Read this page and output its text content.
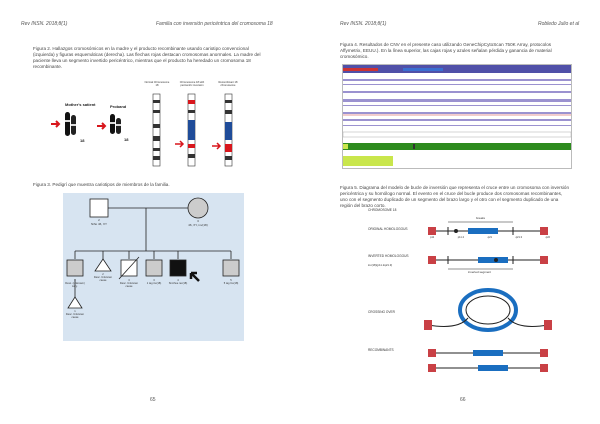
Rev INSN. 2018;8(1)	Familia con inversión pericéntrica del cromosoma 18
Figura 2. Hallazgos cromosómicos en la madre y el producto recombinante usando cariotipo convencional (izquierda) y figuras esquemáticas (derecha). Las flechas rojas destacan cromosomas anormales. La madre del paciente lleva un segmento invertido pericéntrico, mientras que el producto ha heredado un cromosoma 18 recombinante.
Mother's satient	Proband
18	18
Normal Chromosome 18
Chromosome 18 with pericentric inversion
Recombinant 18 chromosome
Figura 3. Pedigrí que muestra cariotipos de miembros de la familia.
2
Niño 46, XY
3
46, XY, inv(18)
1
Desc. (unknown) kary.
2
Desc. Unknown cause	3
Desc. Unknown cause
3
1 tag inv(18)
4
Sim/hue rec(18)
5
5 tag Inv(18)
1
Desc. Unknown cause
65
Rev INSN. 2018;8(1)	Robledo Julio et al
Figura 4. Resultados de CNV en el presente caso utilizando GeneChipCytoScan 750K Array, protocolos Affymetrix, EEUU.). En la línea superior, las cajas rojas y azules señalan pérdida y ganancia de material cromosómico.
Figura 5. Diagrama del modelo de bucle de inversión que representa el cruce entre un cromosoma con inversión pericéntrica y su homólogo normal. El evento en el cruce del bucle produce dos cromosomas recombinantes, uno con el segmento duplicado de un segmento del brazo largo y el otro con el segmento duplicado de una región del brazo corto.
CHROMOSOME 18
breaks
ORIGINAL HOMOLOGOUS
INVERTED HOMOLOGOUS
inv(18)(p11.2q21.3)
inverted segment
CROSSING OVER
RECOMBINANTS
p11	p11.2	q21	q21.3	q22
66
